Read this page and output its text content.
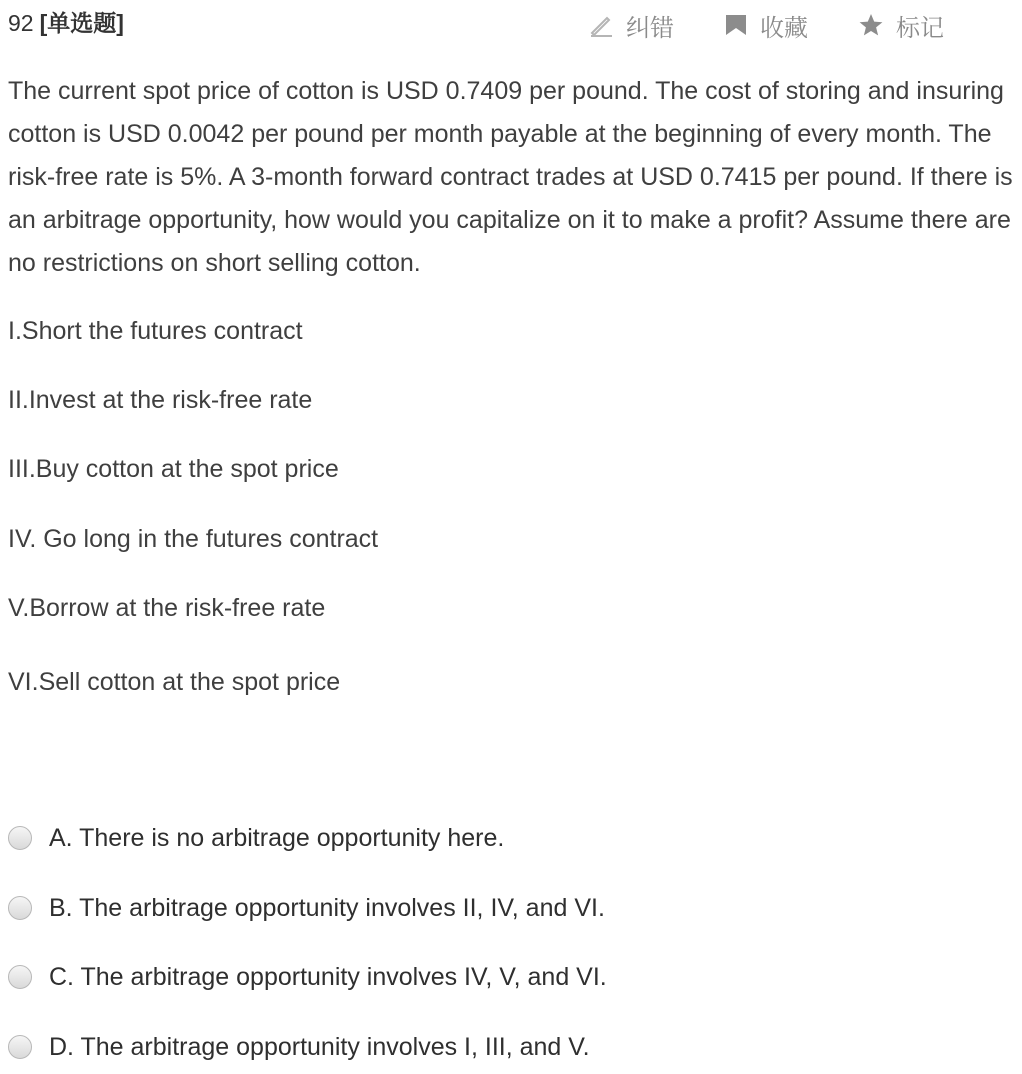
92 [单选题]	纠错	收藏	标记

The current spot price of cotton is USD 0.7409 per pound. The cost of storing and insuring cotton is USD 0.0042 per pound per month payable at the beginning of every month. The risk-free rate is 5%. A 3-month forward contract trades at USD 0.7415 per pound. If there is an arbitrage opportunity, how would you capitalize on it to make a profit? Assume there are no restrictions on short selling cotton.

I.Short the futures contract
II.Invest at the risk-free rate
III.Buy cotton at the spot price
IV. Go long in the futures contract
V.Borrow at the risk-free rate
VI.Sell cotton at the spot price
A. There is no arbitrage opportunity here.
B. The arbitrage opportunity involves II, IV, and VI.
C. The arbitrage opportunity involves IV, V, and VI.
D. The arbitrage opportunity involves I, III, and V.
